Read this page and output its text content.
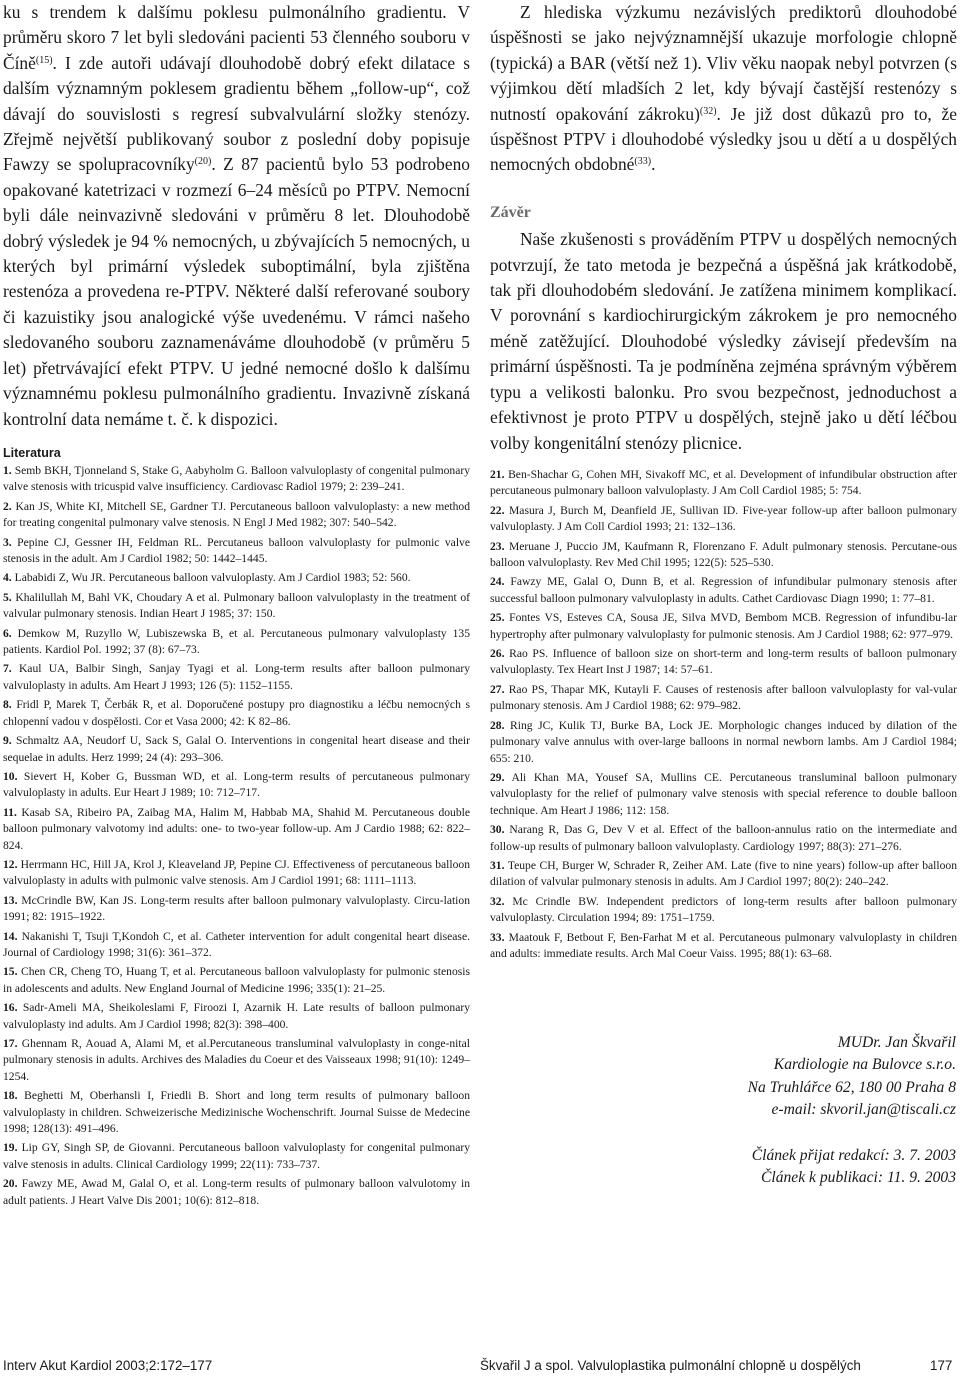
ku s trendem k dalšímu poklesu pulmonálního gradientu. V průměru skoro 7 let byli sledováni pacienti 53 členného souboru v Číně$^{(15)}$. I zde autoři udávají dlouhodobě dobrý efekt dilatace s dalším významným poklesem gradientu během „follow-up“, což dávají do souvislosti s regresí subvalvulární složky stenózy. Zřejmě největší publikovaný soubor z poslední doby popisuje Fawzy se spolupracovníky$^{(20)}$. Z 87 pacientů bylo 53 podrobeno opakované katetrizaci v rozmezí 6–24 měsíců po PTPV. Nemocní byli dále neinvazivně sledováni v průměru 8 let. Dlouhodobě dobrý výsledek je 94 % nemocných, u zbývajících 5 nemocných, u kterých byl primární výsledek suboptimální, byla zjištěna restenóza a provedena re-PTPV. Některé další referované soubory či kazuistiky jsou analogické výše uvedenému. V rámci našeho sledovaného souboru zaznamenáváme dlouhodobě (v průměru 5 let) přetrvávající efekt PTPV. U jedné nemocné došlo k dalšímu významnému poklesu pulmonálního gradientu. Invazivně získaná kontrolní data nemáme t. č. k dispozici.

Z hlediska výzkumu nezávislých prediktorů dlouhodobé úspěšnosti se jako nejvýznamnější ukazuje morfologie chlopně (typická) a BAR (větší než 1). Vliv věku naopak nebyl potvrzen (s výjimkou dětí mladších 2 let, kdy bývají častější restenózy s nutností opakování zákroku)$^{(32)}$. Je již dost důkazů pro to, že úspěšnost PTPV i dlouhodobé výsledky jsou u dětí a u dospělých nemocných obdobné$^{(33)}$.

Závěr

Naše zkušenosti s prováděním PTPV u dospělých nemocných potvrzují, že tato metoda je bezpečná a úspěšná jak krátkodobě, tak při dlouhodobém sledování. Je zatížena minimem komplikací. V porovnání s kardiochirurgickým zákrokem je pro nemocného méně zatěžující. Dlouhodobé výsledky závisejí především na primární úspěšnosti. Ta je podmíněna zejména správným výběrem typu a velikosti balonku. Pro svou bezpečnost, jednoduchost a efektivnost je proto PTPV u dospělých, stejně jako u dětí léčbou volby kongenitální stenózy plicnice.

Literatura
1. Semb BKH, Tjonneland S, Stake G, Aabyholm G. Balloon valvuloplasty of congenital pulmonary valve stenosis with tricuspid valve insufficiency. Cardiovasc Radiol 1979; 2: 239–241.
2. Kan JS, White KI, Mitchell SE, Gardner TJ. Percutaneous balloon valvuloplasty: a new method for treating congenital pulmonary valve stenosis. N Engl J Med 1982; 307: 540–542.
3. Pepine CJ, Gessner IH, Feldman RL. Percutaneus balloon valvuloplasty for pulmonic valve stenosis in the adult. Am J Cardiol 1982; 50: 1442–1445.
4. Lababidi Z, Wu JR. Percutaneous balloon valvuloplasty. Am J Cardiol 1983; 52: 560.
5. Khalilullah M, Bahl VK, Choudary A et al. Pulmonary balloon valvuloplasty in the treatment of valvular pulmonary stenosis. Indian Heart J 1985; 37: 150.
6. Demkow M, Ruzyllo W, Lubiszewska B, et al. Percutaneous pulmonary valvuloplasty 135 patients. Kardiol Pol. 1992; 37 (8): 67–73.
7. Kaul UA, Balbir Singh, Sanjay Tyagi et al. Long-term results after balloon pulmonary valvuloplasty in adults. Am Heart J 1993; 126 (5): 1152–1155.
8. Fridl P, Marek T, Čerbák R, et al. Doporučené postupy pro diagnostiku a léčbu nemocných s chlopenní vadou v dospělosti. Cor et Vasa 2000; 42: K 82–86.
9. Schmaltz AA, Neudorf U, Sack S, Galal O. Interventions in congenital heart disease and their sequelae in adults. Herz 1999; 24 (4): 293–306.
10. Sievert H, Kober G, Bussman WD, et al. Long-term results of percutaneous pulmonary valvuloplasty in adults. Eur Heart J 1989; 10: 712–717.
11. Kasab SA, Ribeiro PA, Zaibag MA, Halim M, Habbab MA, Shahid M. Percutaneous double balloon pulmonary valvotomy ind adults: one- to two-year follow-up. Am J Cardio 1988; 62: 822–824.
12. Herrmann HC, Hill JA, Krol J, Kleaveland JP, Pepine CJ. Effectiveness of percutaneous balloon valvuloplasty in adults with pulmonic valve stenosis. Am J Cardiol 1991; 68: 1111–1113.
13. McCrindle BW, Kan JS. Long-term results after balloon pulmonary valvuloplasty. Circu-lation 1991; 82: 1915–1922.
14. Nakanishi T, Tsuji T,Kondoh C, et al. Catheter intervention for adult congenital heart disease. Journal of Cardiology 1998; 31(6): 361–372.
15. Chen CR, Cheng TO, Huang T, et al. Percutaneous balloon valvuloplasty for pulmonic stenosis in adolescents and adults. New England Journal of Medicine 1996; 335(1): 21–25.
16. Sadr-Ameli MA, Sheikoleslami F, Firoozi I, Azarnik H. Late results of balloon pulmonary valvuloplasty ind adults. Am J Cardiol 1998; 82(3): 398–400.
17. Ghennam R, Aouad A, Alami M, et al.Percutaneous transluminal valvuloplasty in conge-nital pulmonary stenosis in adults. Archives des Maladies du Coeur et des Vaisseaux 1998; 91(10): 1249–1254.
18. Beghetti M, Oberhansli I, Friedli B. Short and long term results of pulmonary balloon valvuloplasty in children. Schweizerische Medizinische Wochenschrift. Journal Suisse de Medecine 1998; 128(13): 491–496.
19. Lip GY, Singh SP, de Giovanni. Percutaneous balloon valvuloplasty for congenital pulmonary valve stenosis in adults. Clinical Cardiology 1999; 22(11): 733–737.
20. Fawzy ME, Awad M, Galal O, et al. Long-term results of pulmonary balloon valvulotomy in adult patients. J Heart Valve Dis 2001; 10(6): 812–818.
21. Ben-Shachar G, Cohen MH, Sivakoff MC, et al. Development of infundibular obstruction after percutaneous pulmonary balloon valvuloplasty. J Am Coll Cardiol 1985; 5: 754.
22. Masura J, Burch M, Deanfield JE, Sullivan ID. Five-year follow-up after balloon pulmonary valvuloplasty. J Am Coll Cardiol 1993; 21: 132–136.
23. Meruane J, Puccio JM, Kaufmann R, Florenzano F. Adult pulmonary stenosis. Percutane-ous balloon valvuloplasty. Rev Med Chil 1995; 122(5): 525–530.
24. Fawzy ME, Galal O, Dunn B, et al. Regression of infundibular pulmonary stenosis after successful balloon pulmonary valvuloplasty in adults. Cathet Cardiovasc Diagn 1990; 1: 77–81.
25. Fontes VS, Esteves CA, Sousa JE, Silva MVD, Bembom MCB. Regression of infundibu-lar hypertrophy after pulmonary valvuloplasty for pulmonic stenosis. Am J Cardiol 1988; 62: 977–979.
26. Rao PS. Influence of balloon size on short-term and long-term results of balloon pulmonary valvuloplasty. Tex Heart Inst J 1987; 14: 57–61.
27. Rao PS, Thapar MK, Kutayli F. Causes of restenosis after balloon valvuloplasty for val-vular pulmonary stenosis. Am J Cardiol 1988; 62: 979–982.
28. Ring JC, Kulik TJ, Burke BA, Lock JE. Morphologic changes induced by dilation of the pulmonary valve annulus with over-large balloons in normal newborn lambs. Am J Cardiol 1984; 655: 210.
29. Ali Khan MA, Yousef SA, Mullins CE. Percutaneous transluminal balloon pulmonary valvuloplasty for the relief of pulmonary valve stenosis with special reference to double balloon technique. Am Heart J 1986; 112: 158.
30. Narang R, Das G, Dev V et al. Effect of the balloon-annulus ratio on the intermediate and follow-up results of pulmonary balloon valvuloplasty. Cardiology 1997; 88(3): 271–276.
31. Teupe CH, Burger W, Schrader R, Zeiher AM. Late (five to nine years) follow-up after balloon dilation of valvular pulmonary stenosis in adults. Am J Cardiol 1997; 80(2): 240–242.
32. Mc Crindle BW. Independent predictors of long-term results after balloon pulmonary valvuloplasty. Circulation 1994; 89: 1751–1759.
33. Maatouk F, Betbout F, Ben-Farhat M et al. Percutaneous pulmonary valvuloplasty in children and adults: immediate results. Arch Mal Coeur Vaiss. 1995; 88(1): 63–68.
MUDr. Jan Škvařil
Kardiologie na Bulovce s.r.o.
Na Truhlářce 62, 180 00 Praha 8
e-mail: skvoril.jan@tiscali.cz
Článek přijat redakcí: 3. 7. 2003
Článek k publikaci: 11. 9. 2003
Interv Akut Kardiol 2003;2:172–177	Škvařil J a spol. Valvuloplastika pulmonální chlopně u dospělých	177
